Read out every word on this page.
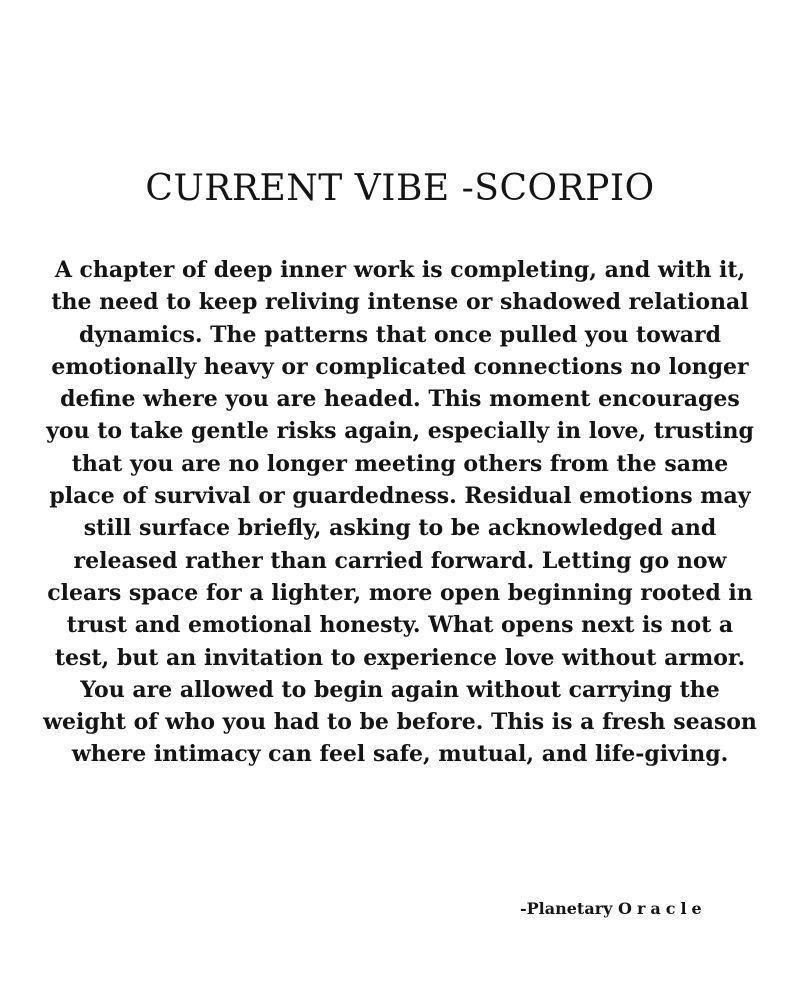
CURRENT VIBE -SCORPIO
A chapter of deep inner work is completing, and with it,
the need to keep reliving intense or shadowed relational
dynamics. The patterns that once pulled you toward
emotionally heavy or complicated connections no longer
define where you are headed. This moment encourages
you to take gentle risks again, especially in love, trusting
that you are no longer meeting others from the same
place of survival or guardedness. Residual emotions may
still surface briefly, asking to be acknowledged and
released rather than carried forward. Letting go now
clears space for a lighter, more open beginning rooted in
trust and emotional honesty. What opens next is not a
test, but an invitation to experience love without armor.
You are allowed to begin again without carrying the
weight of who you had to be before. This is a fresh season
where intimacy can feel safe, mutual, and life-giving.
-Planetary Oracle
